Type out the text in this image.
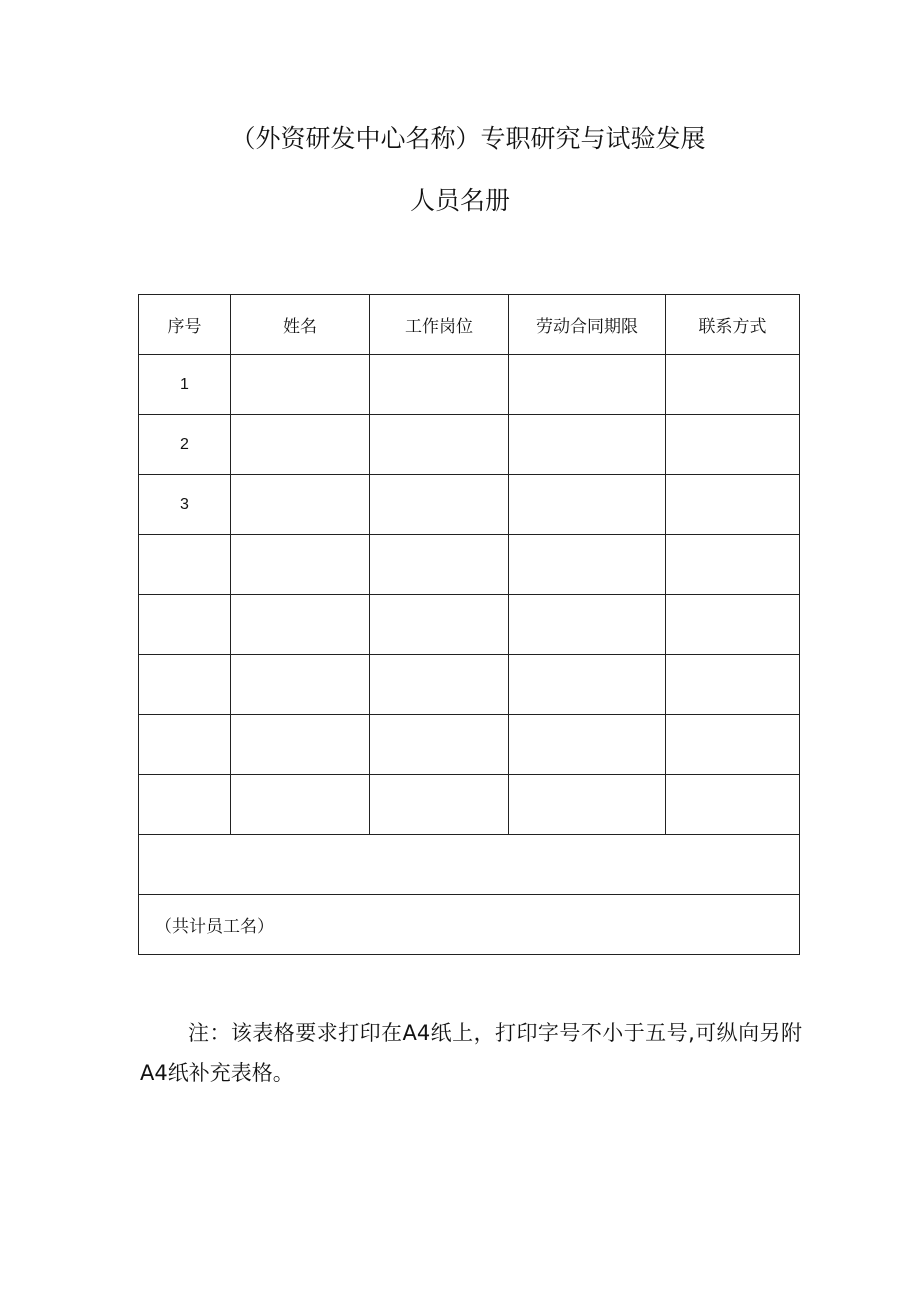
（外资研发中心名称）专职研究与试验发展
人员名册
序号	姓名	工作岗位	劳动合同期限	联系方式
1				
2				
3				

（共计员工名）				
注：该表格要求打印在A4纸上，打印字号不小于五号,可纵向另附A4纸补充表格。
